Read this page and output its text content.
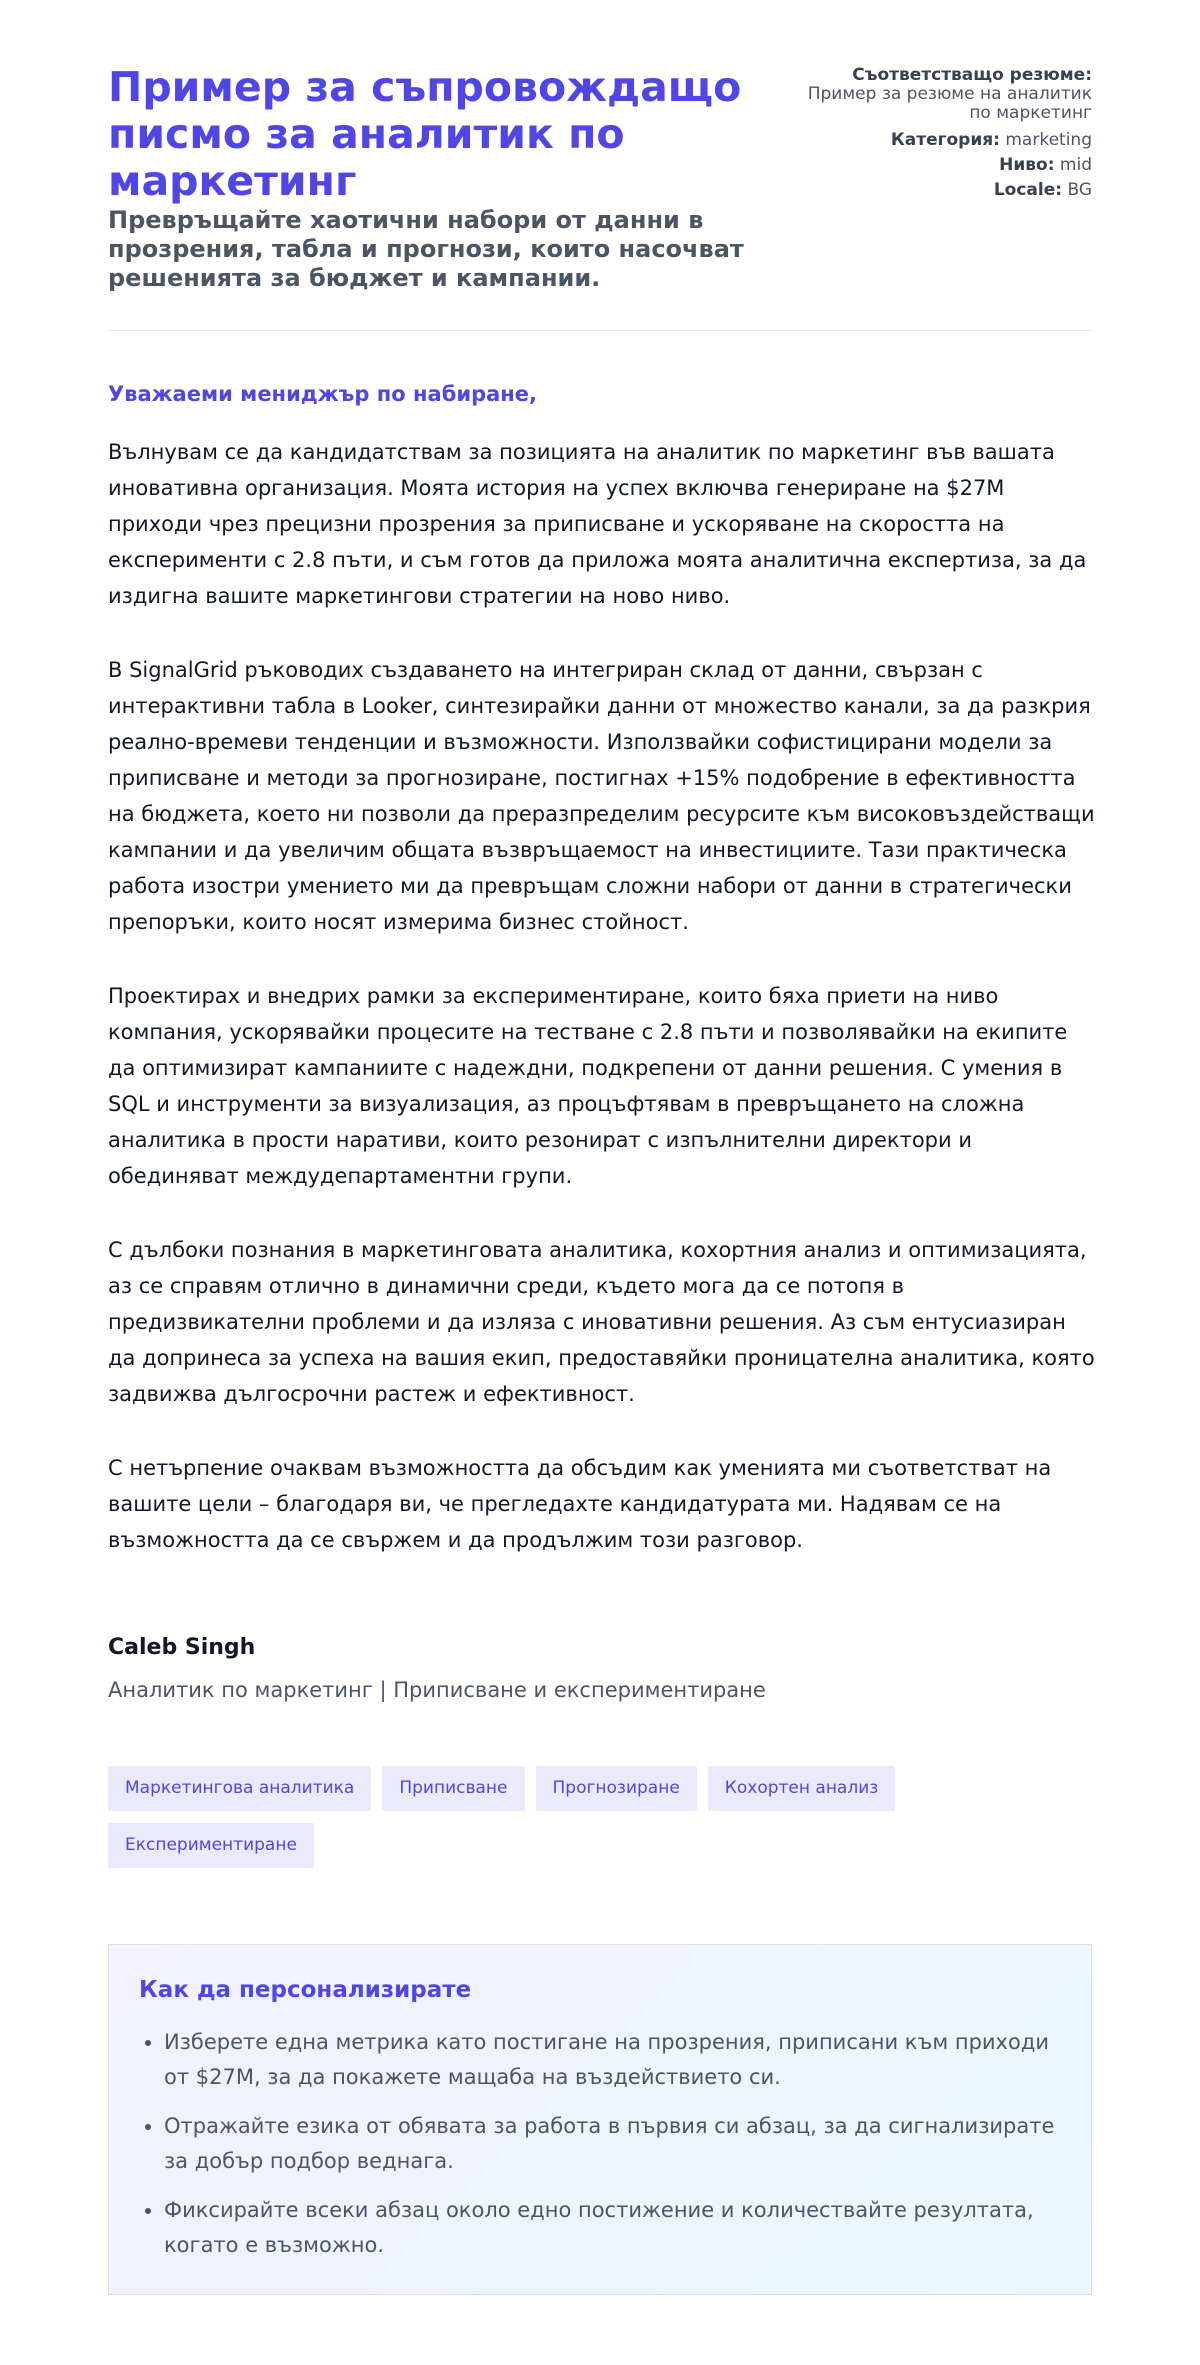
Пример за съпровождащо писмо за аналитик по маркетинг
Превръщайте хаотични набори от данни в прозрения, табла и прогнози, които насочват решенията за бюджет и кампании.
Съответстващо резюме:
Пример за резюме на аналитик по маркетинг
Категория: marketing
Ниво: mid
Locale: BG
Уважаеми мениджър по набиране,

Вълнувам се да кандидатствам за позицията на аналитик по маркетинг във вашата иновативна организация. Моята история на успех включва генериране на $27M приходи чрез прецизни прозрения за приписване и ускоряване на скоростта на експерименти с 2.8 пъти, и съм готов да приложа моята аналитична експертиза, за да издигна вашите маркетингови стратегии на ново ниво.

В SignalGrid ръководих създаването на интегриран склад от данни, свързан с интерактивни табла в Looker, синтезирайки данни от множество канали, за да разкрия реално-времеви тенденции и възможности. Използвайки софистицирани модели за приписване и методи за прогнозиране, постигнах +15% подобрение в ефективността на бюджета, което ни позволи да преразпределим ресурсите към високовъздействащи кампании и да увеличим общата възвръщаемост на инвестициите. Тази практическа работа изостри умението ми да превръщам сложни набори от данни в стратегически препоръки, които носят измерима бизнес стойност.

Проектирах и внедрих рамки за експериментиране, които бяха приети на ниво компания, ускорявайки процесите на тестване с 2.8 пъти и позволявайки на екипите да оптимизират кампаниите с надеждни, подкрепени от данни решения. С умения в SQL и инструменти за визуализация, аз процъфтявам в превръщането на сложна аналитика в прости наративи, които резонират с изпълнителни директори и обединяват междудепартаментни групи.

С дълбоки познания в маркетинговата аналитика, кохортния анализ и оптимизацията, аз се справям отлично в динамични среди, където мога да се потопя в предизвикателни проблеми и да изляза с иновативни решения. Аз съм ентусиазиран да допринеса за успеха на вашия екип, предоставяйки проницателна аналитика, която задвижва дългосрочни растеж и ефективност.

С нетърпение очаквам възможността да обсъдим как уменията ми съответстват на вашите цели – благодаря ви, че прегледахте кандидатурата ми. Надявам се на възможността да се свържем и да продължим този разговор.

Caleb Singh
Аналитик по маркетинг | Приписване и експериментиране
Маркетингова аналитика	Приписване	Прогнозиране	Кохортен анализ
Експериментиране
Как да персонализирате
• Изберете една метрика като постигане на прозрения, приписани към приходи от $27M, за да покажете мащаба на въздействието си.
• Отражайте езика от обявата за работа в първия си абзац, за да сигнализирате за добър подбор веднага.
• Фиксирайте всеки абзац около едно постижение и количествайте резултата, когато е възможно.
